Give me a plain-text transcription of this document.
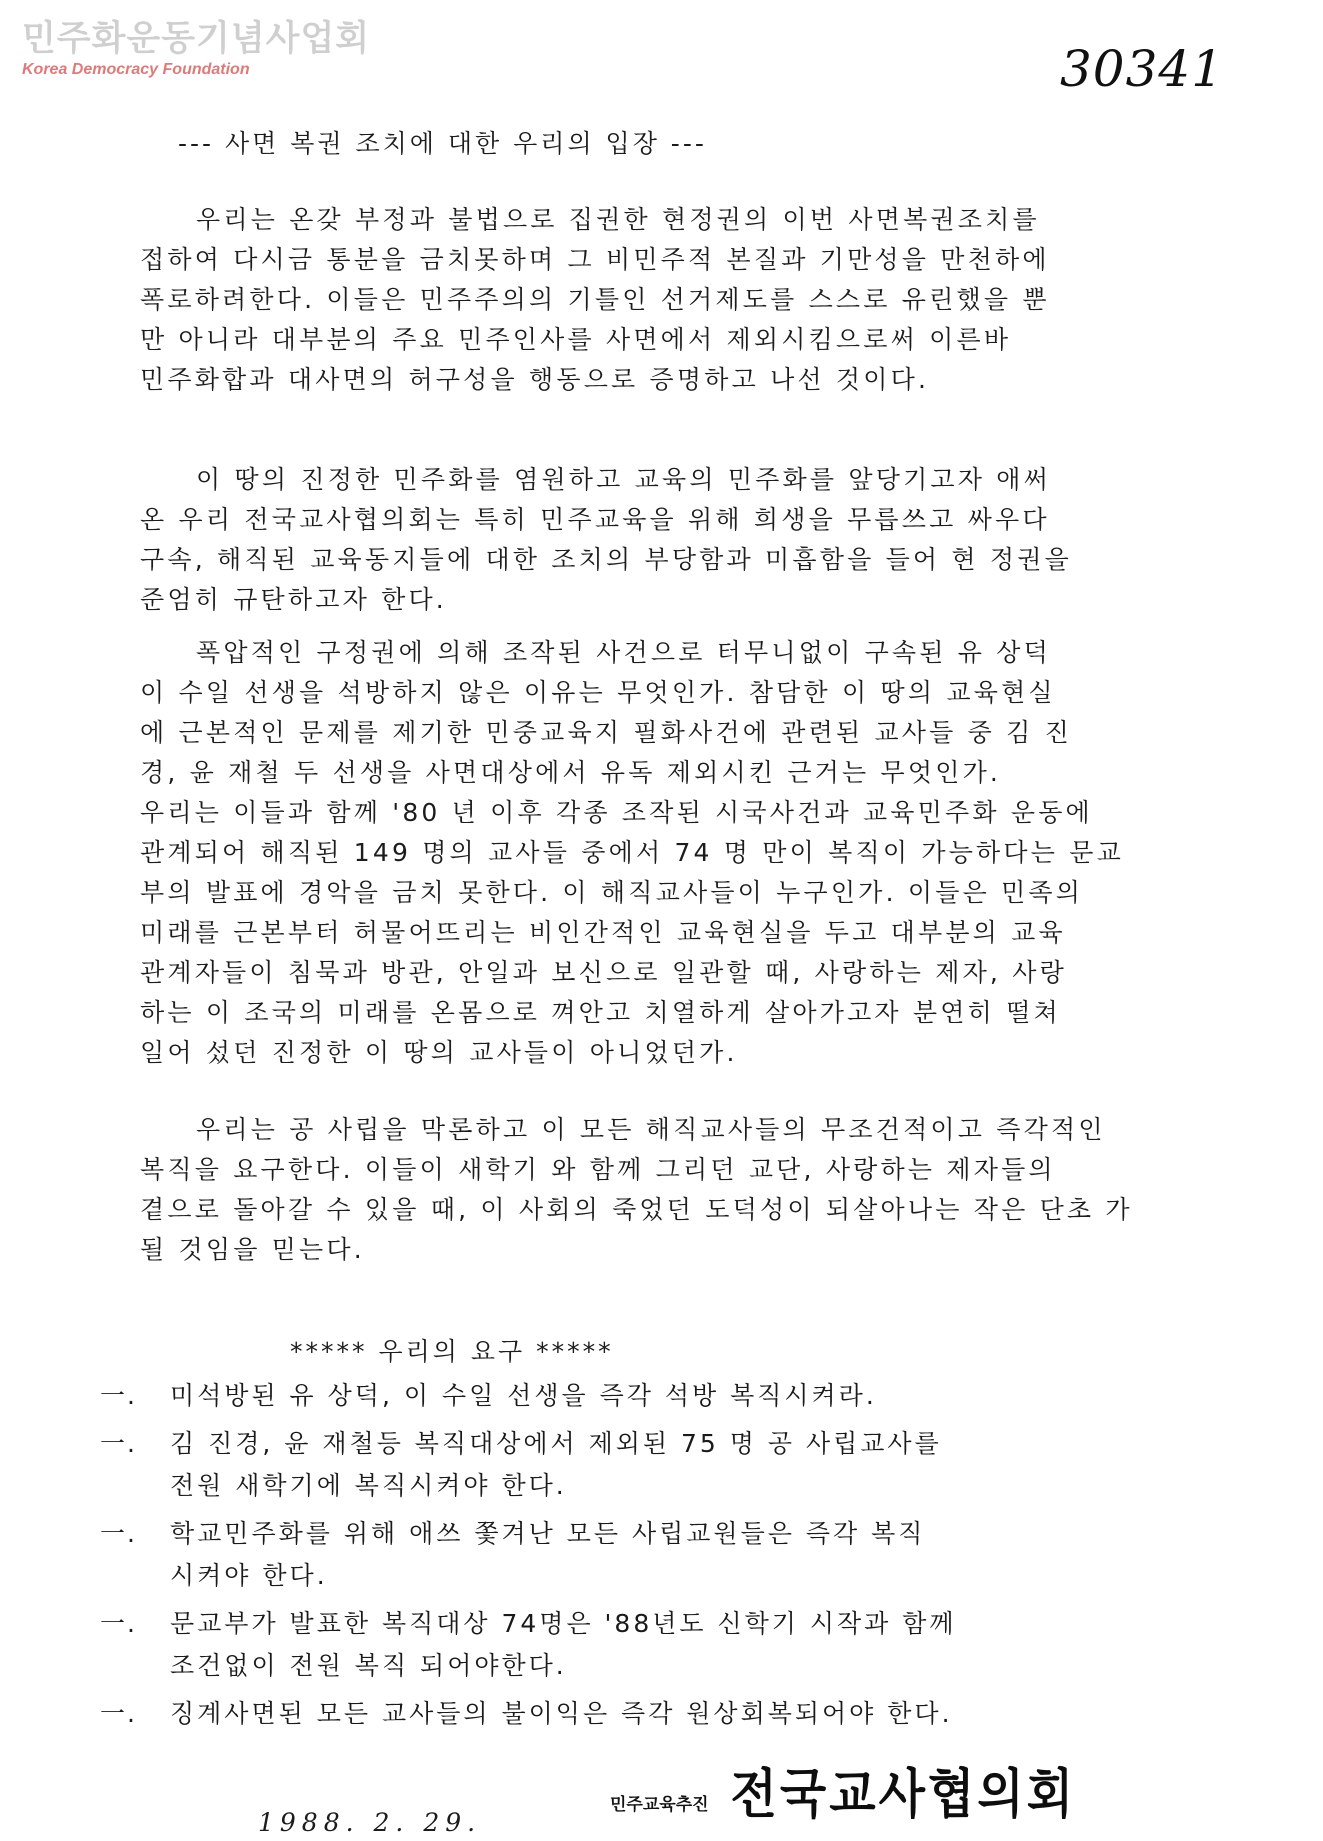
민주화운동기념사업회
Korea Democracy Foundation	30341
--- 사면 복권 조치에 대한 우리의 입장 ---
우리는 온갖 부정과 불법으로 집권한 현정권의 이번 사면복권조치를
접하여 다시금 통분을 금치못하며 그 비민주적 본질과 기만성을 만천하에
폭로하려한다. 이들은 민주주의의 기틀인 선거제도를 스스로 유린했을 뿐
만 아니라 대부분의 주요 민주인사를 사면에서 제외시킴으로써 이른바
민주화합과 대사면의 허구성을 행동으로 증명하고 나선 것이다.
이 땅의 진정한 민주화를 염원하고 교육의 민주화를 앞당기고자 애써
온 우리 전국교사협의회는 특히 민주교육을 위해 희생을 무릅쓰고 싸우다
구속, 해직된 교육동지들에 대한 조치의 부당함과 미흡함을 들어 현 정권을
준엄히 규탄하고자 한다.
폭압적인 구정권에 의해 조작된 사건으로 터무니없이 구속된 유 상덕
이 수일 선생을 석방하지 않은 이유는 무엇인가. 참담한 이 땅의 교육현실
에 근본적인 문제를 제기한 민중교육지 필화사건에 관련된 교사들 중 김 진
경, 윤 재철 두 선생을 사면대상에서 유독 제외시킨 근거는 무엇인가.
우리는 이들과 함께 '80 년 이후 각종 조작된 시국사건과 교육민주화 운동에
관계되어 해직된 149 명의 교사들 중에서 74 명 만이 복직이 가능하다는 문교
부의 발표에 경악을 금치 못한다. 이 해직교사들이 누구인가. 이들은 민족의
미래를 근본부터 허물어뜨리는 비인간적인 교육현실을 두고 대부분의 교육
관계자들이 침묵과 방관, 안일과 보신으로 일관할 때, 사랑하는 제자, 사랑
하는 이 조국의 미래를 온몸으로 껴안고 치열하게 살아가고자 분연히 떨쳐
일어 섰던 진정한 이 땅의 교사들이 아니었던가.
우리는 공 사립을 막론하고 이 모든 해직교사들의 무조건적이고 즉각적인
복직을 요구한다. 이들이 새학기 와 함께 그리던 교단, 사랑하는 제자들의
곁으로 돌아갈 수 있을 때, 이 사회의 죽었던 도덕성이 되살아나는 작은 단초 가
될 것임을 믿는다.
***** 우리의 요구 *****
一.	미석방된 유 상덕, 이 수일 선생을 즉각 석방 복직시켜라.
一.	김 진경, 윤 재철등 복직대상에서 제외된 75 명 공 사립교사를
전원 새학기에 복직시켜야 한다.
一.	학교민주화를 위해 애쓰 쫓겨난 모든 사립교원들은 즉각 복직
시켜야 한다.
一.	문교부가 발표한 복직대상 74명은 '88년도 신학기 시작과 함께
조건없이 전원 복직 되어야한다.
一.	징계사면된 모든 교사들의 불이익은 즉각 원상회복되어야 한다.
민주교육추진 전국교사협의회
1988. 2. 29.
